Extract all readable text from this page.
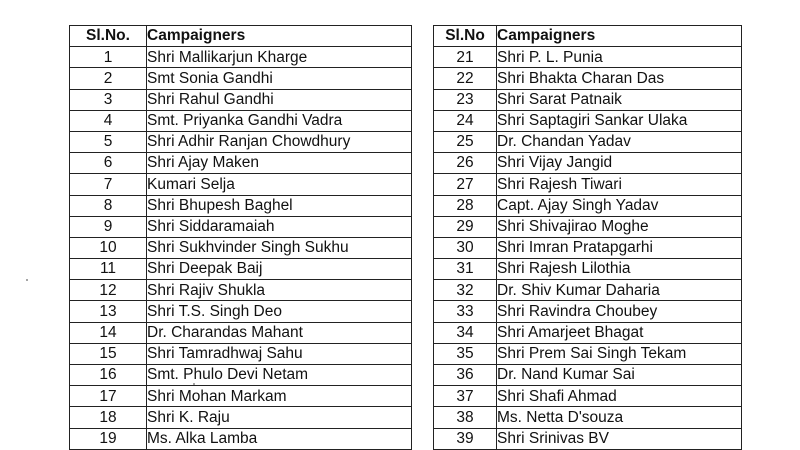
Sl.No.	Campaigners
1	Shri Mallikarjun Kharge
2	Smt Sonia Gandhi
3	Shri Rahul Gandhi
4	Smt. Priyanka Gandhi Vadra
5	Shri Adhir Ranjan Chowdhury
6	Shri Ajay Maken
7	Kumari Selja
8	Shri Bhupesh Baghel
9	Shri Siddaramaiah
10	Shri Sukhvinder Singh Sukhu
11	Shri Deepak Baij
12	Shri Rajiv Shukla
13	Shri T.S. Singh Deo
14	Dr. Charandas Mahant
15	Shri Tamradhwaj Sahu
16	Smt. Phulo Devi Netam
17	Shri Mohan Markam
18	Shri K. Raju
19	Ms. Alka Lamba
Sl.No	Campaigners
21	Shri P. L. Punia
22	Shri Bhakta Charan Das
23	Shri Sarat Patnaik
24	Shri Saptagiri Sankar Ulaka
25	Dr. Chandan Yadav
26	Shri Vijay Jangid
27	Shri Rajesh Tiwari
28	Capt. Ajay Singh Yadav
29	Shri Shivajirao Moghe
30	Shri Imran Pratapgarhi
31	Shri Rajesh Lilothia
32	Dr. Shiv Kumar Daharia
33	Shri Ravindra Choubey
34	Shri Amarjeet Bhagat
35	Shri Prem Sai Singh Tekam
36	Dr. Nand Kumar Sai
37	Shri Shafi Ahmad
38	Ms. Netta D'souza
39	Shri Srinivas BV
